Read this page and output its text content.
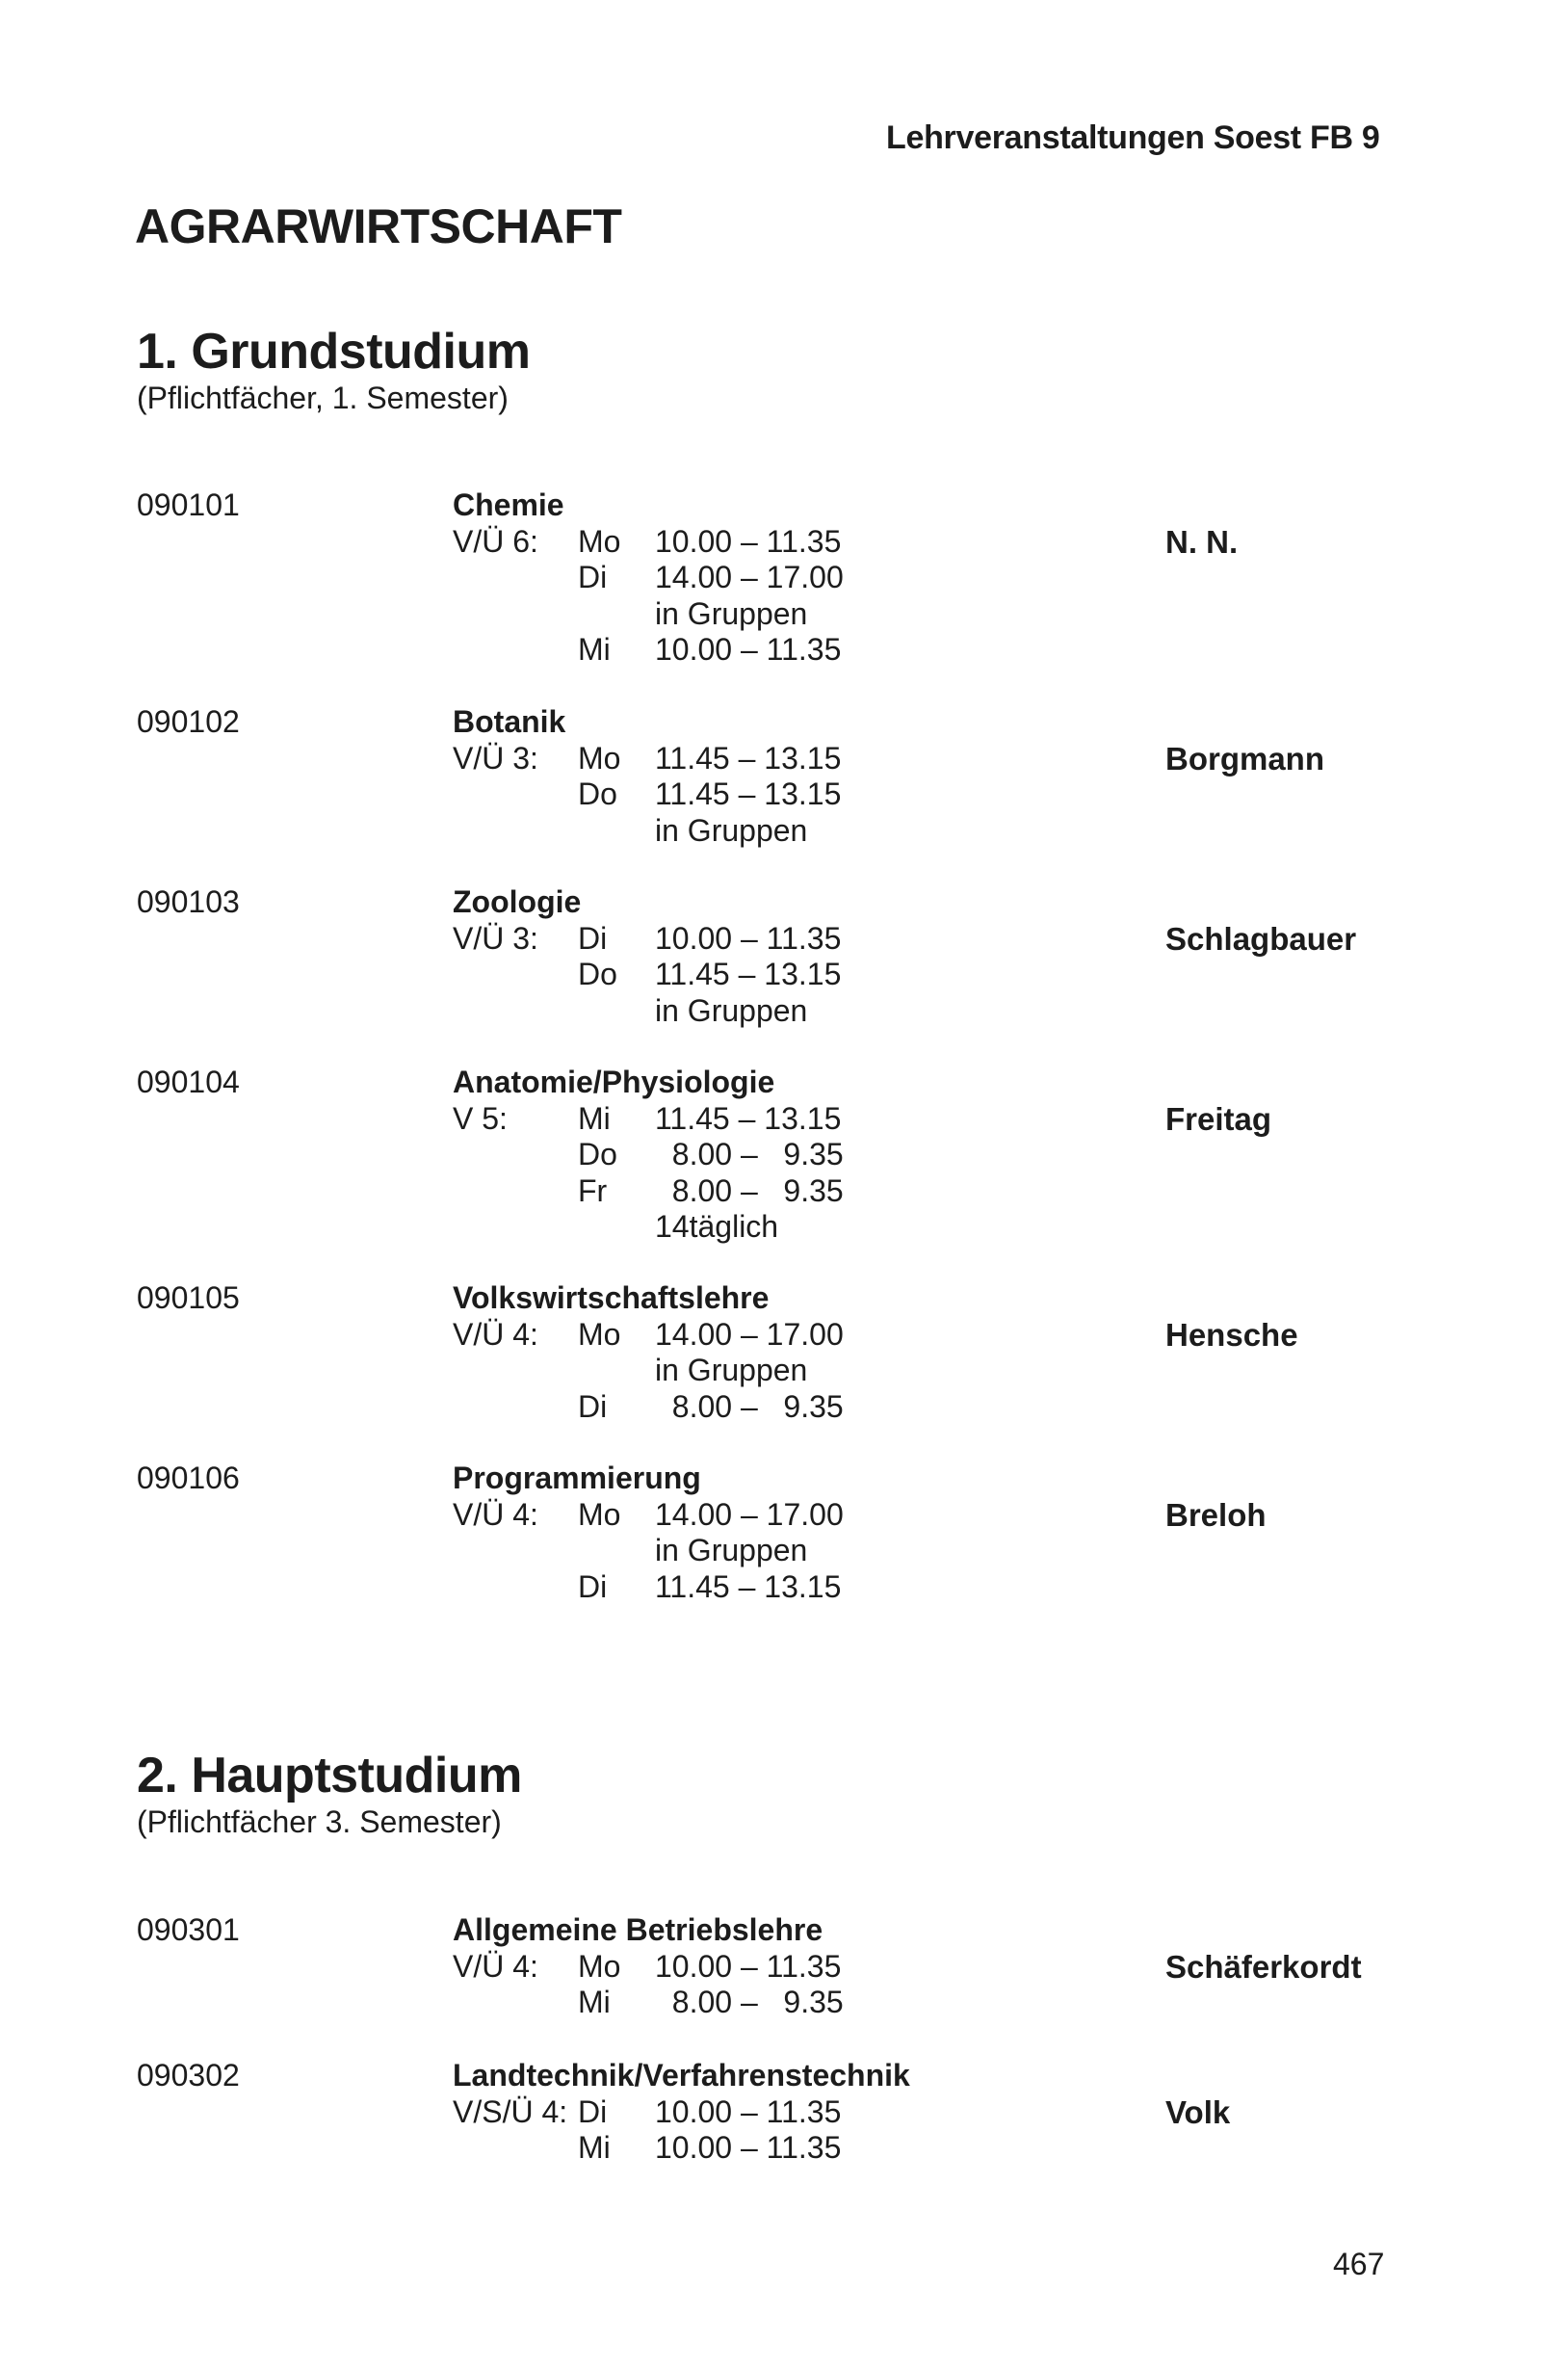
Lehrveranstaltungen Soest FB 9
AGRARWIRTSCHAFT
1. Grundstudium
(Pflichtfächer, 1. Semester)
090101	Chemie
V/Ü 6: Mo 10.00 – 11.35
Di 14.00 – 17.00
in Gruppen
Mi 10.00 – 11.35
N. N.
090102	Botanik
V/Ü 3: Mo 11.45 – 13.15
Do 11.45 – 13.15
in Gruppen
Borgmann
090103	Zoologie
V/Ü 3: Di 10.00 – 11.35
Do 11.45 – 13.15
in Gruppen
Schlagbauer
090104	Anatomie/Physiologie
V 5: Mi 11.45 – 13.15
Do 8.00 –   9.35
Fr 8.00 –   9.35
14täglich
Freitag
090105	Volkswirtschaftslehre
V/Ü 4: Mo 14.00 – 17.00
in Gruppen
Di 8.00 –   9.35
Hensche
090106	Programmierung
V/Ü 4: Mo 14.00 – 17.00
in Gruppen
Di 11.45 – 13.15
Breloh
2. Hauptstudium
(Pflichtfächer 3. Semester)
090301	Allgemeine Betriebslehre
V/Ü 4: Mo 10.00 – 11.35
Mi 8.00 –   9.35
Schäferkordt
090302	Landtechnik/Verfahrenstechnik
V/S/Ü 4: Di 10.00 – 11.35
Mi 10.00 – 11.35
Volk
467
